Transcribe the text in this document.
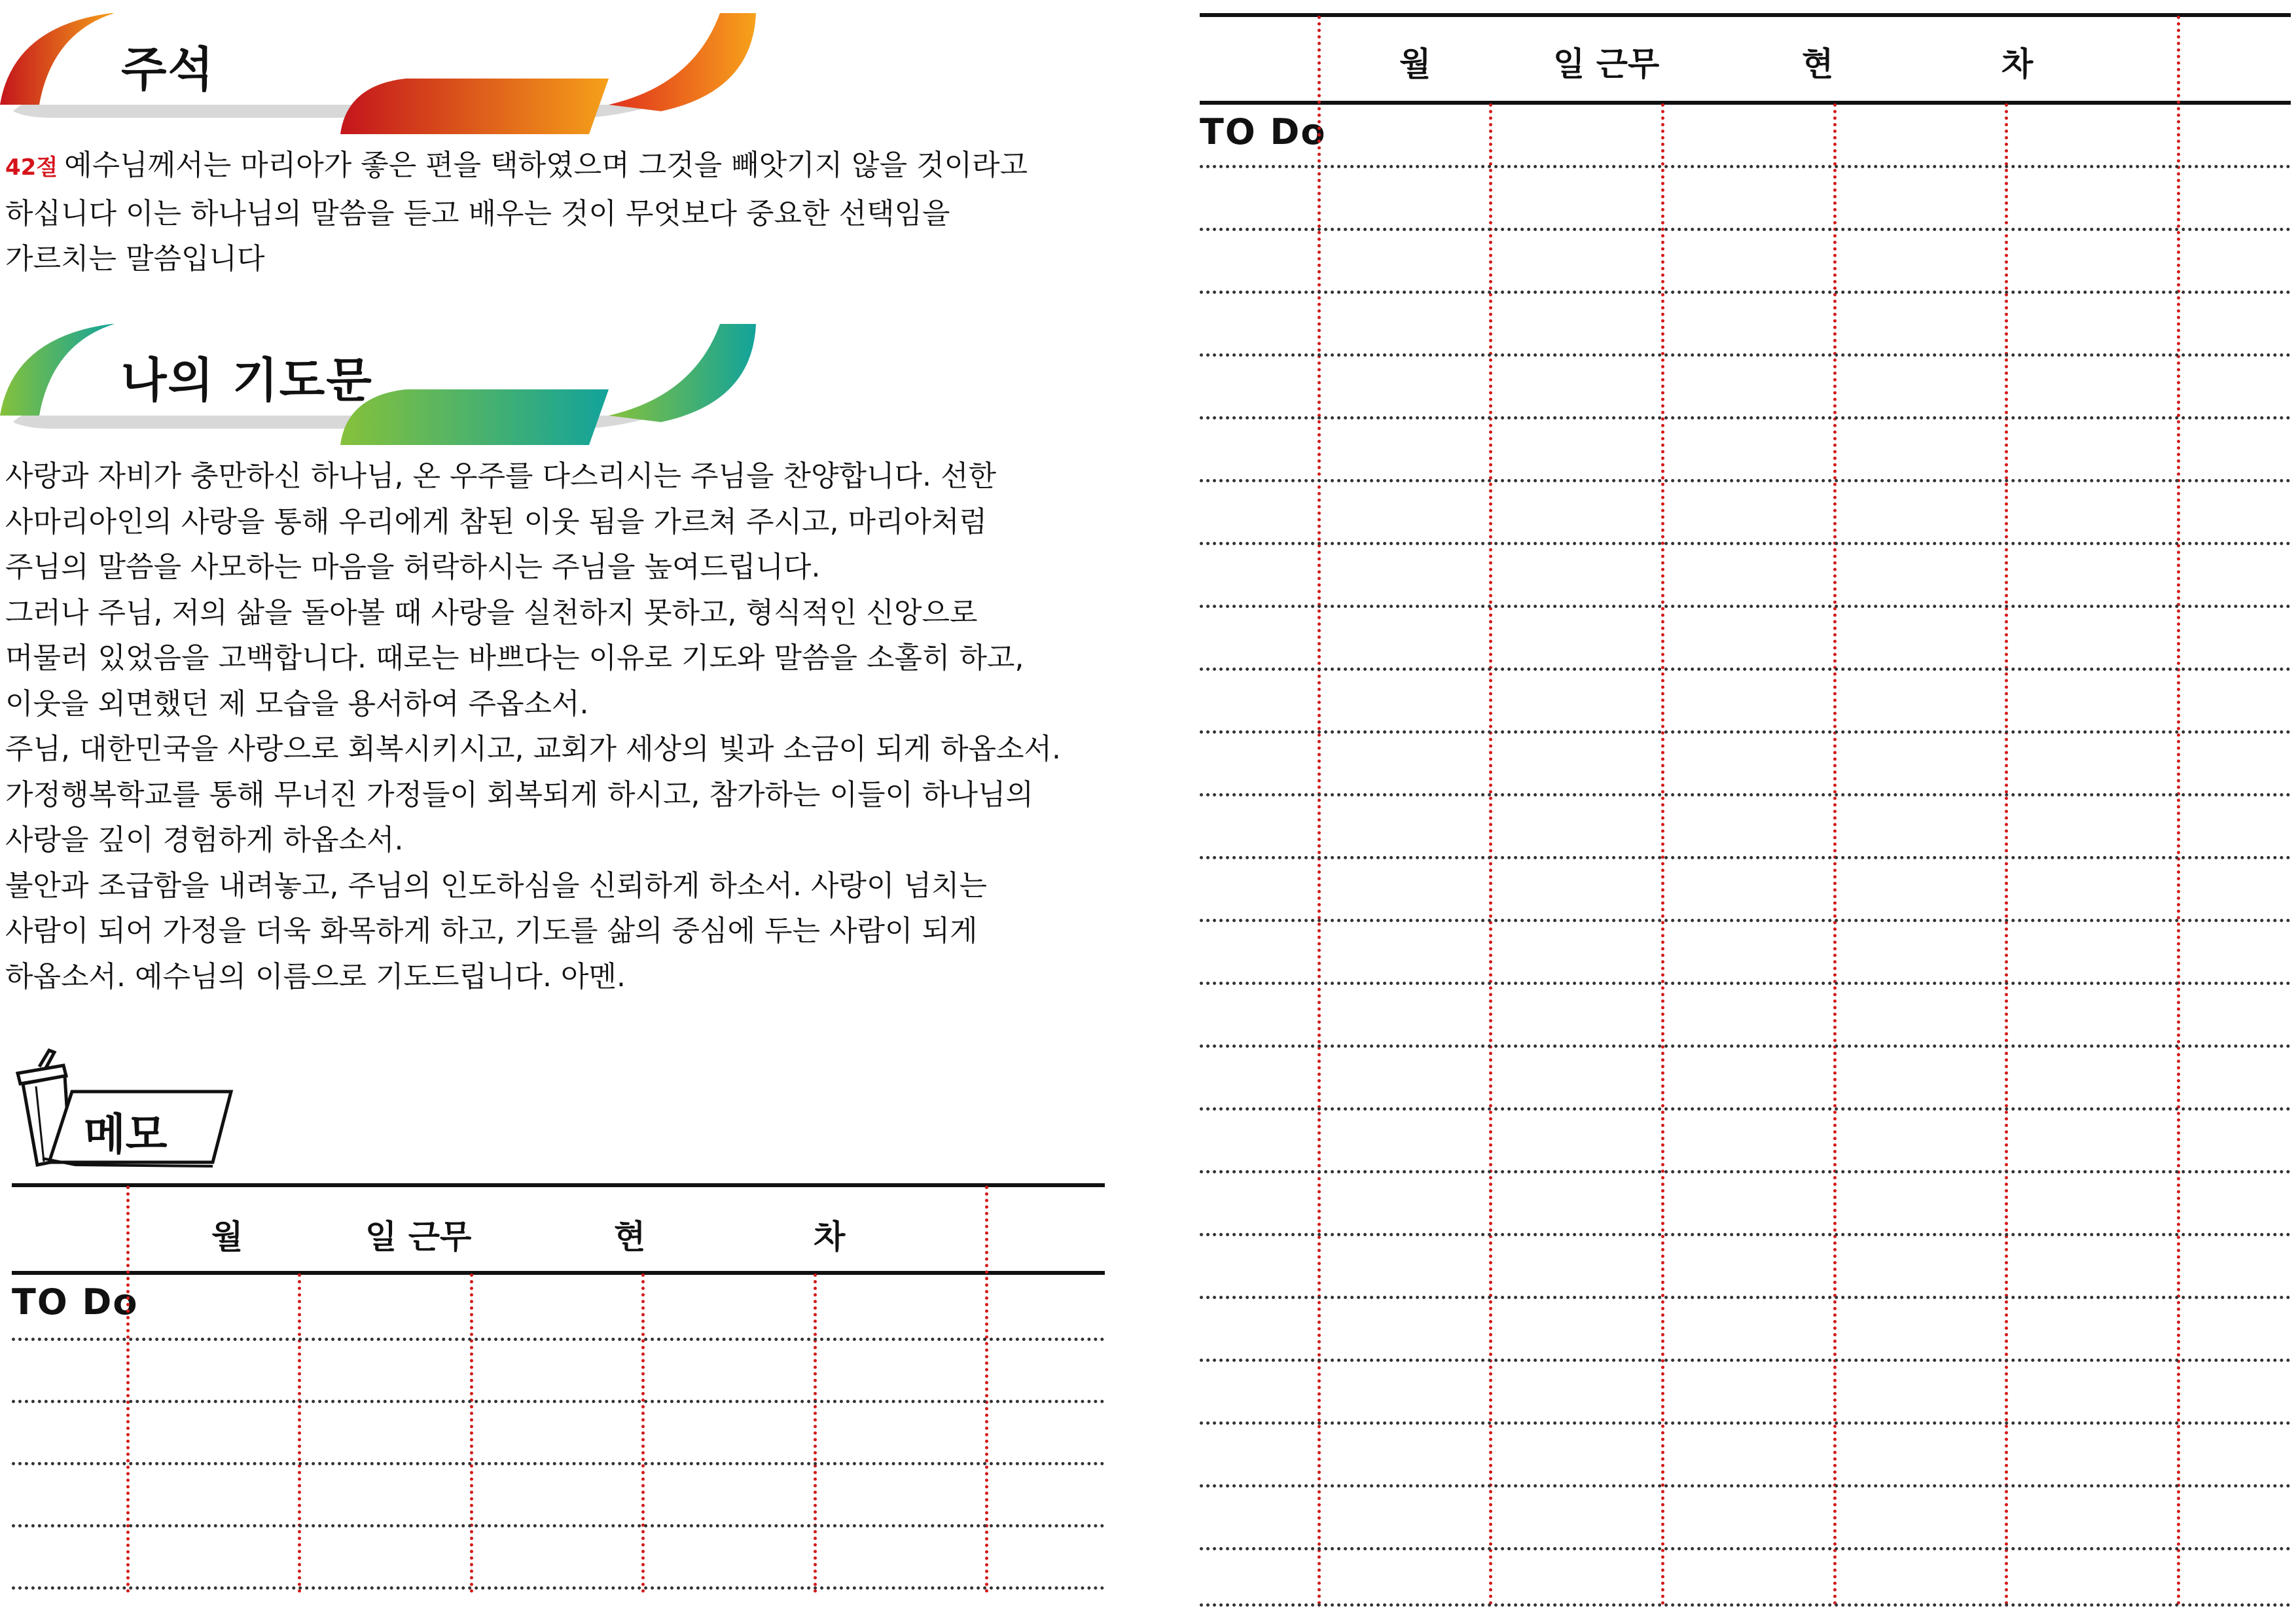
주석
42절 예수님께서는 마리아가 좋은 편을 택하였으며 그것을 빼앗기지 않을 것이라고
하십니다 이는 하나님의 말씀을 듣고 배우는 것이 무엇보다 중요한 선택임을
가르치는 말씀입니다
나의 기도문
사랑과 자비가 충만하신 하나님, 온 우주를 다스리시는 주님을 찬양합니다. 선한
사마리아인의 사랑을 통해 우리에게 참된 이웃 됨을 가르쳐 주시고, 마리아처럼
주님의 말씀을 사모하는 마음을 허락하시는 주님을 높여드립니다.
그러나 주님, 저의 삶을 돌아볼 때 사랑을 실천하지 못하고, 형식적인 신앙으로
머물러 있었음을 고백합니다. 때로는 바쁘다는 이유로 기도와 말씀을 소홀히 하고,
이웃을 외면했던 제 모습을 용서하여 주옵소서.
주님, 대한민국을 사랑으로 회복시키시고, 교회가 세상의 빛과 소금이 되게 하옵소서.
가정행복학교를 통해 무너진 가정들이 회복되게 하시고, 참가하는 이들이 하나님의
사랑을 깊이 경험하게 하옵소서.
불안과 조급함을 내려놓고, 주님의 인도하심을 신뢰하게 하소서. 사랑이 넘치는
사람이 되어 가정을 더욱 화목하게 하고, 기도를 삶의 중심에 두는 사람이 되게
하옵소서. 예수님의 이름으로 기도드립니다. 아멘.
메모
월	일 근무	현	차
TO Do
월	일 근무	현	차
TO Do
